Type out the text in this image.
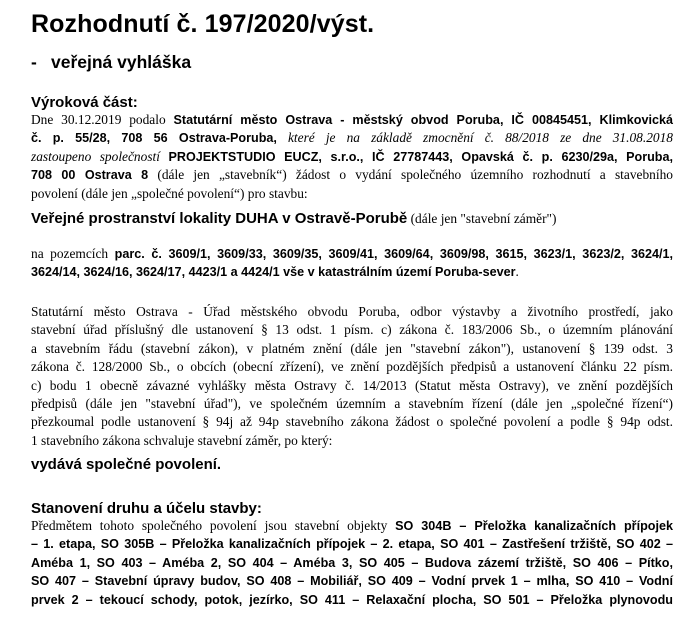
Rozhodnutí č. 197/2020/výst.
- veřejná vyhláška
Výroková část:
Dne 30.12.2019 podalo Statutární město Ostrava - městský obvod Poruba, IČ 00845451, Klimkovická
č. p. 55/28, 708 56 Ostrava-Poruba, které je na základě zmocnění č. 88/2018 ze dne 31.08.2018
zastoupeno společností PROJEKTSTUDIO EUCZ, s.r.o., IČ 27787443, Opavská č. p. 6230/29a, Poruba,
708 00 Ostrava 8 (dále jen „stavebník“) žádost o vydání společného územního rozhodnutí a stavebního
povolení (dále jen „společné povolení“) pro stavbu:
Veřejné prostranství lokality DUHA v Ostravě-Porubě (dále jen "stavební záměr")
na pozemcích parc. č. 3609/1, 3609/33, 3609/35, 3609/41, 3609/64, 3609/98, 3615, 3623/1, 3623/2, 3624/1,
3624/14, 3624/16, 3624/17, 4423/1 a 4424/1 vše v katastrálním území Poruba-sever.
Statutární město Ostrava - Úřad městského obvodu Poruba, odbor výstavby a životního prostředí, jako
stavební úřad příslušný dle ustanovení § 13 odst. 1 písm. c) zákona č. 183/2006 Sb., o územním plánování
a stavebním řádu (stavební zákon), v platném znění (dále jen "stavební zákon"), ustanovení § 139 odst. 3
zákona č. 128/2000 Sb., o obcích (obecní zřízení), ve znění pozdějších předpisů a ustanovení článku 22 písm.
c) bodu 1 obecně závazné vyhlášky města Ostravy č. 14/2013 (Statut města Ostravy), ve znění pozdějších
předpisů (dále jen "stavební úřad"), ve společném územním a stavebním řízení (dále jen „společné řízení“)
přezkoumal podle ustanovení § 94j až 94p stavebního zákona žádost o společné povolení a podle § 94p odst.
1 stavebního zákona schvaluje stavební záměr, po který:
vydává společné povolení.
Stanovení druhu a účelu stavby:
Předmětem tohoto společného povolení jsou stavební objekty SO 304B – Přeložka kanalizačních přípojek
– 1. etapa, SO 305B – Přeložka kanalizačních přípojek – 2. etapa, SO 401 – Zastřešení tržiště, SO 402 –
Améba 1, SO 403 – Améba 2, SO 404 – Améba 3, SO 405 – Budova zázemí tržiště, SO 406 – Pítko,
SO 407 – Stavební úpravy budov, SO 408 – Mobiliář, SO 409 – Vodní prvek 1 – mlha, SO 410 – Vodní
prvek 2 – tekoucí schody, potok, jezírko, SO 411 – Relaxační plocha, SO 501 – Přeložka plynovodu
